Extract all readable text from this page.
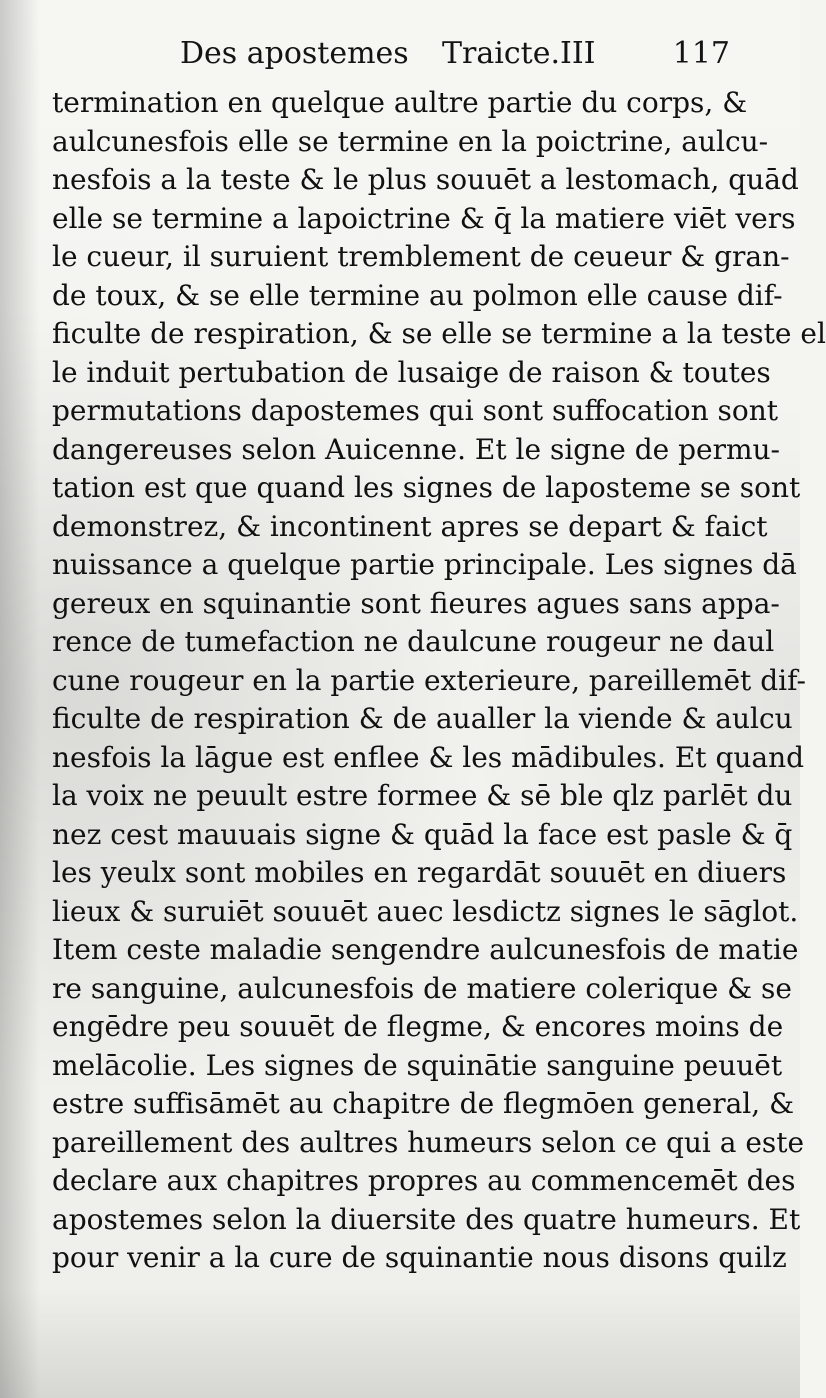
Des apostemes Traicte.III	117
termination en quelque aultre partie du corps, &
aulcunesfois elle se termine en la poictrine, aulcu-
nesfois a la teste & le plus souuēt a lestomach, quād
elle se termine a lapoictrine & q̄ la matiere viēt vers
le cueur, il suruient tremblement de ceueur & gran-
de toux, & se elle termine au polmon elle cause dif-
ficulte de respiration, & se elle se termine a la teste el
le induit pertubation de lusaige de raison & toutes
permutations dapostemes qui sont suffocation sont
dangereuses selon Auicenne. Et le signe de permu-
tation est que quand les signes de laposteme se sont
demonstrez, & incontinent apres se depart & faict
nuissance a quelque partie principale. Les signes dā
gereux en squinantie sont fieures agues sans appa-
rence de tumefaction ne daulcune rougeur ne daul
cune rougeur en la partie exterieure, pareillemēt dif-
ficulte de respiration & de aualler la viende & aulcu
nesfois la lāgue est enflee & les mādibules. Et quand
la voix ne peuult estre formee & sē ble qlz parlēt du
nez cest mauuais signe & quād la face est pasle & q̄
les yeulx sont mobiles en regardāt souuēt en diuers
lieux & suruiēt souuēt auec lesdictz signes le sāglot.
Item ceste maladie sengendre aulcunesfois de matie
re sanguine, aulcunesfois de matiere colerique & se
engēdre peu souuēt de flegme, & encores moins de
melācolie. Les signes de squinātie sanguine peuuēt
estre suffisāmēt au chapitre de flegmōen general, &
pareillement des aultres humeurs selon ce qui a este
declare aux chapitres propres au commencemēt des
apostemes selon la diuersite des quatre humeurs. Et
pour venir a la cure de squinantie nous disons quilz
